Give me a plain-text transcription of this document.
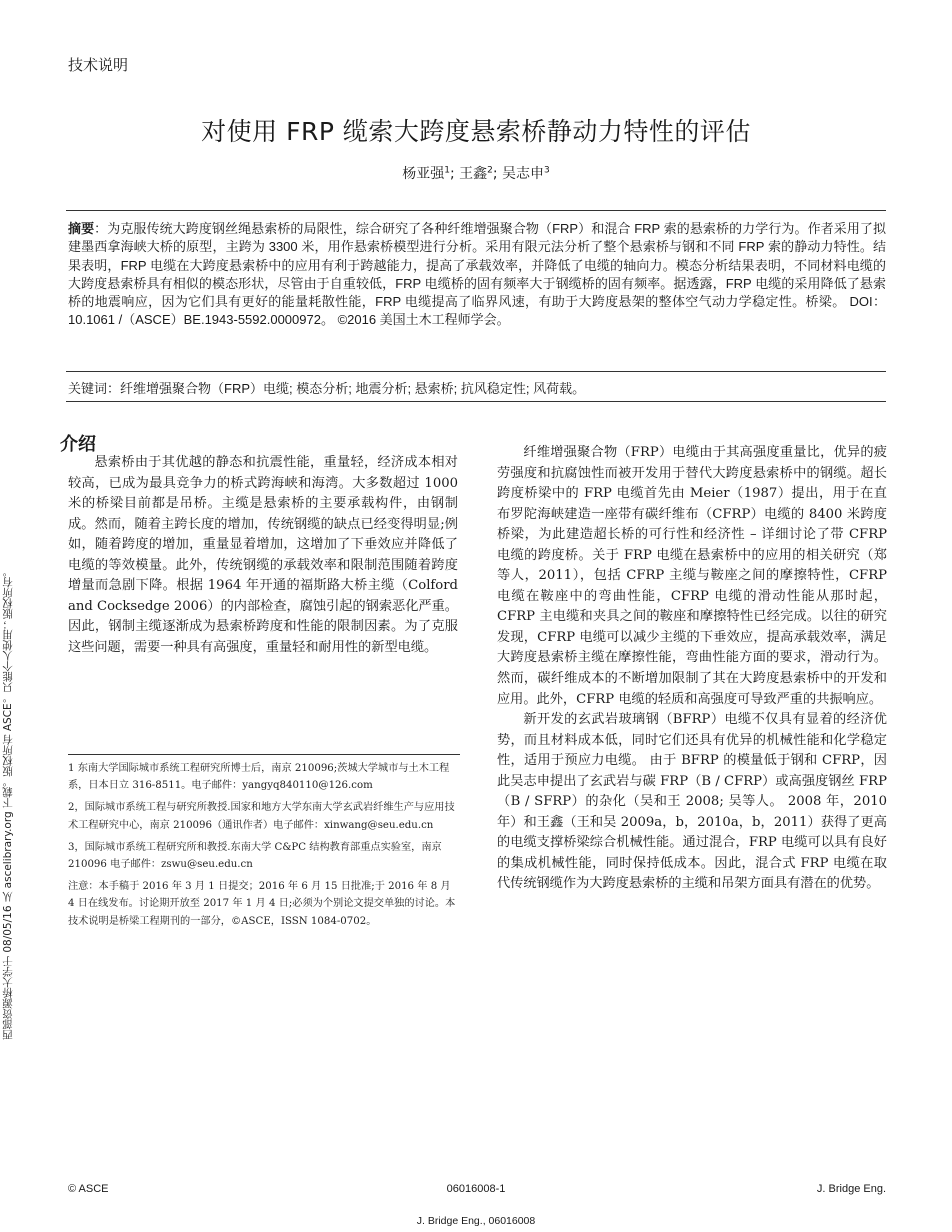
技术说明
对使用 FRP 缆索大跨度悬索桥静动力特性的评估
杨亚强$^1$; 王鑫$^2$; 吴志申$^3$
摘要：为克服传统大跨度钢丝绳悬索桥的局限性，综合研究了各种纤维增强聚合物（FRP）和混合 FRP 索的悬索桥的力学行为。作者采用了拟建墨西拿海峡大桥的原型，主跨为 3300 米，用作悬索桥模型进行分析。采用有限元法分析了整个悬索桥与钢和不同 FRP 索的静动力特性。结果表明，FRP 电缆在大跨度悬索桥中的应用有利于跨越能力，提高了承载效率，并降低了电缆的轴向力。模态分析结果表明，不同材料电缆的大跨度悬索桥具有相似的模态形状，尽管由于自重较低，FRP 电缆桥的固有频率大于钢缆桥的固有频率。据透露，FRP 电缆的采用降低了悬索桥的地震响应，因为它们具有更好的能量耗散性能，FRP 电缆提高了临界风速，有助于大跨度悬架的整体空气动力学稳定性。桥梁。 DOI：10.1061 /（ASCE）BE.1943-5592.0000972。 ©2016 美国土木工程师学会。
关键词：纤维增强聚合物（FRP）电缆; 模态分析; 地震分析; 悬索桥; 抗风稳定性; 风荷载。
西部资源桥大学于 08/05/16 从 ascelibrary.org 下载。版权所有 ASCE。只能个人使用；版权所有。
介绍

悬索桥由于其优越的静态和抗震性能，重量轻，经济成本相对较高，已成为最具竞争力的桥式跨海峡和海湾。大多数超过 1000 米的桥梁目前都是吊桥。主缆是悬索桥的主要承载构件，由钢制成。然而，随着主跨长度的增加，传统钢缆的缺点已经变得明显;例如，随着跨度的增加，重量显着增加，这增加了下垂效应并降低了电缆的等效模量。此外，传统钢缆的承载效率和限制范围随着跨度增量而急剧下降。根据 1964 年开通的福斯路大桥主缆（Colford and Cocksedge 2006）的内部检查，腐蚀引起的钢索恶化严重。因此，钢制主缆逐渐成为悬索桥跨度和性能的限制因素。为了克服这些问题，需要一种具有高强度，重量轻和耐用性的新型电缆。

纤维增强聚合物（FRP）电缆由于其高强度重量比，优异的疲劳强度和抗腐蚀性而被开发用于替代大跨度悬索桥中的钢缆。超长跨度桥梁中的 FRP 电缆首先由 Meier（1987）提出，用于在直布罗陀海峡建造一座带有碳纤维布（CFRP）电缆的 8400 米跨度桥梁，为此建造超长桥的可行性和经济性 – 详细讨论了带 CFRP 电缆的跨度桥。关于 FRP 电缆在悬索桥中的应用的相关研究（郑等人，2011），包括 CFRP 主缆与鞍座之间的摩擦特性，CFRP 电缆在鞍座中的弯曲性能，CFRP 电缆的滑动性能从那时起，CFRP 主电缆和夹具之间的鞍座和摩擦特性已经完成。以往的研究发现，CFRP 电缆可以减少主缆的下垂效应，提高承载效率，满足大跨度悬索桥主缆在摩擦性能，弯曲性能方面的要求，滑动行为。然而，碳纤维成本的不断增加限制了其在大跨度悬索桥中的开发和应用。此外，CFRP 电缆的轻质和高强度可导致严重的共振响应。

新开发的玄武岩玻璃钢（BFRP）电缆不仅具有显着的经济优势，而且材料成本低，同时它们还具有优异的机械性能和化学稳定性，适用于预应力电缆。 由于 BFRP 的模量低于钢和 CFRP，因此吴志申提出了玄武岩与碳 FRP（B / CFRP）或高强度钢丝 FRP（B / SFRP）的杂化（吴和王 2008; 吴等人。 2008 年，2010 年）和王鑫（王和吴 2009a，b，2010a，b，2011）获得了更高的电缆支撑桥梁综合机械性能。通过混合，FRP 电缆可以具有良好的集成机械性能，同时保持低成本。因此，混合式 FRP 电缆在取代传统钢缆作为大跨度悬索桥的主缆和吊架方面具有潜在的优势。

1 东南大学国际城市系统工程研究所博士后，南京 210096;茨城大学城市与土木工程系，日本日立 316-8511。电子邮件：yangyq840110@126.com

2，国际城市系统工程与研究所教授.国家和地方大学东南大学玄武岩纤维生产与应用技术工程研究中心，南京 210096（通讯作者）电子邮件：xinwang@seu.edu.cn

3，国际城市系统工程研究所和教授.东南大学 C&PC 结构教育部重点实验室，南京 210096 电子邮件：zswu@seu.edu.cn

注意：本手稿于 2016 年 3 月 1 日提交；2016 年 6 月 15 日批准;于 2016 年 8 月 4 日在线发布。讨论期开放至 2017 年 1 月 4 日;必须为个别论文提交单独的讨论。本技术说明是桥梁工程期刊的一部分，©ASCE，ISSN 1084-0702。

© ASCE	06016008-1	J. Bridge Eng.
J. Bridge Eng., 06016008
